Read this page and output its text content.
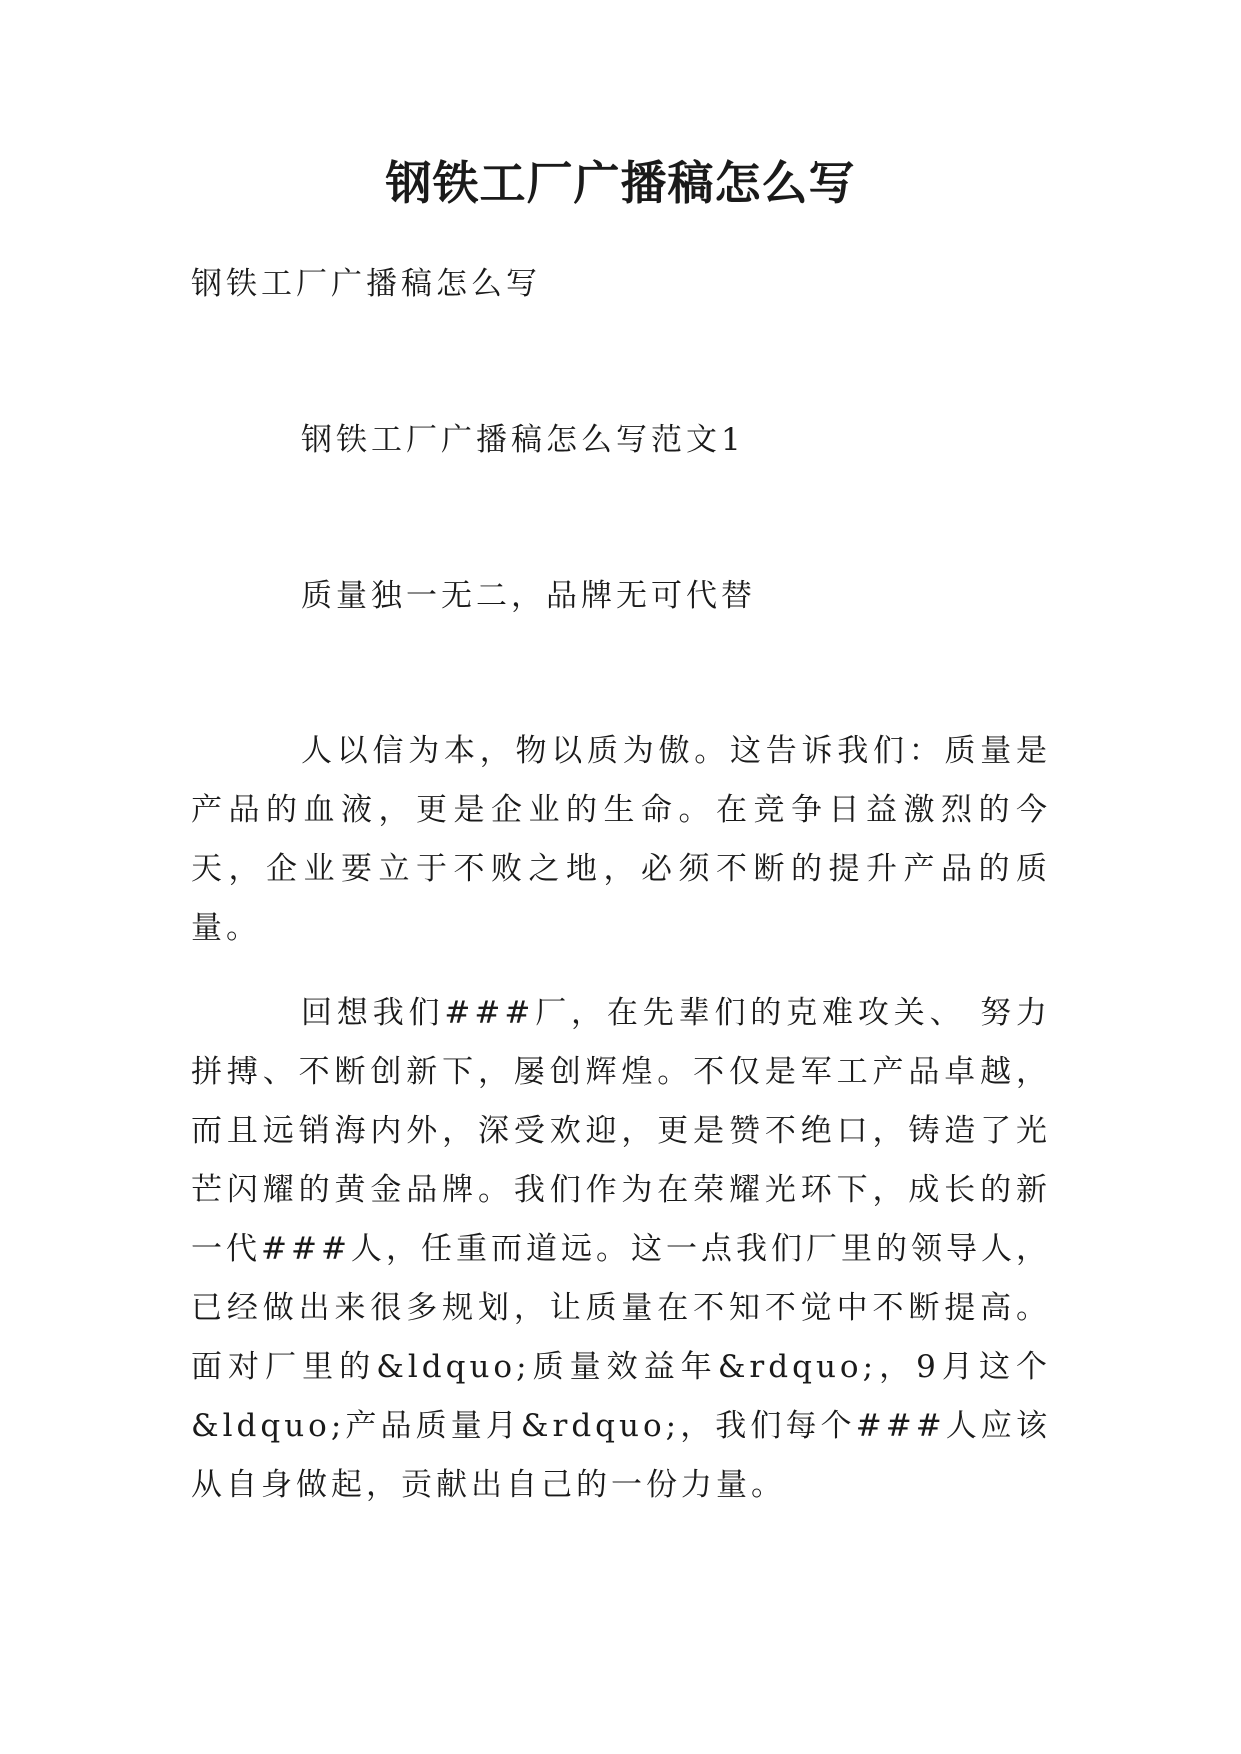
钢铁工厂广播稿怎么写

钢铁工厂广播稿怎么写

钢铁工厂广播稿怎么写范文1

质量独一无二，品牌无可代替

人以信为本，物以质为傲。这告诉我们：质量是产品的血液，更是企业的生命。在竞争日益激烈的今天，企业要立于不败之地，必须不断的提升产品的质量。

回想我们###厂，在先辈们的克难攻关、 努力拼搏、不断创新下，屡创辉煌。不仅是军工产品卓越，而且远销海内外，深受欢迎，更是赞不绝口，铸造了光芒闪耀的黄金品牌。我们作为在荣耀光环下，成长的新一代###人，任重而道远。这一点我们厂里的领导人，已经做出来很多规划，让质量在不知不觉中不断提高。面对厂里的&ldquo;质量效益年&rdquo;，9月这个&ldquo;产品质量月&rdquo;，我们每个###人应该从自身做起，贡献出自己的一份力量。
